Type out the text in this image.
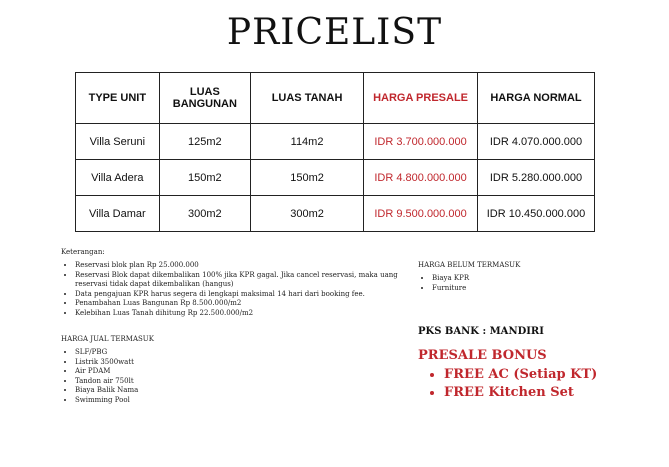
PRICELIST
TYPE UNIT	LUAS BANGUNAN	LUAS TANAH	HARGA PRESALE	HARGA NORMAL
Villa Seruni	125m2	114m2	IDR 3.700.000.000	IDR 4.070.000.000
Villa Adera	150m2	150m2	IDR 4.800.000.000	IDR 5.280.000.000
Villa Damar	300m2	300m2	IDR 9.500.000.000	IDR 10.450.000.000
Keterangan:
• Reservasi blok plan Rp 25.000.000
• Reservasi Blok dapat dikembalikan 100% jika KPR gagal. Jika cancel reservasi, maka uang reservasi tidak dapat dikembalikan (hangus)
• Data pengajuan KPR harus segera di lengkapi maksimal 14 hari dari booking fee.
• Penambahan Luas Bangunan Rp 8.500.000/m2
• Kelebihan Luas Tanah dihitung Rp 22.500.000/m2
HARGA JUAL TERMASUK
• SLF/PBG
• Listrik 3500watt
• Air PDAM
• Tandon air 750lt
• Biaya Balik Nama
• Swimming Pool
HARGA BELUM TERMASUK
• Biaya KPR
• Furniture
PKS BANK : MANDIRI
PRESALE BONUS
• FREE AC (Setiap KT)
• FREE Kitchen Set
